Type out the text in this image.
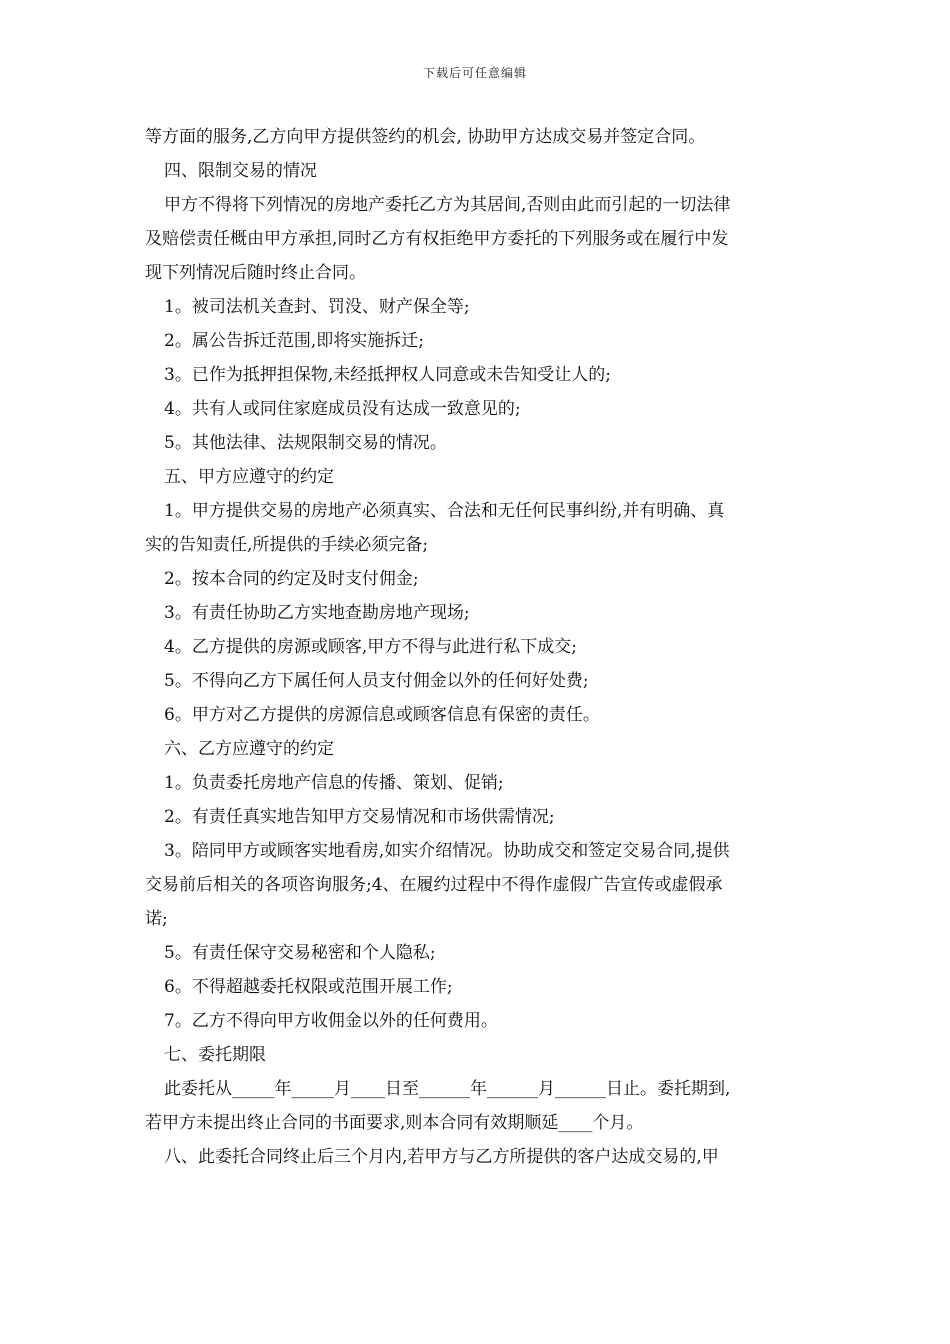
下载后可任意编辑
等方面的服务,乙方向甲方提供签约的机会, 协助甲方达成交易并签定合同。
四、限制交易的情况
甲方不得将下列情况的房地产委托乙方为其居间,否则由此而引起的一切法律
及赔偿责任概由甲方承担,同时乙方有权拒绝甲方委托的下列服务或在履行中发
现下列情况后随时终止合同。
1。被司法机关查封、罚没、财产保全等;
2。属公告拆迁范围,即将实施拆迁;
3。已作为抵押担保物,未经抵押权人同意或未告知受让人的;
4。共有人或同住家庭成员没有达成一致意见的;
5。其他法律、法规限制交易的情况。
五、甲方应遵守的约定
1。甲方提供交易的房地产必须真实、合法和无任何民事纠纷,并有明确、真
实的告知责任,所提供的手续必须完备;
2。按本合同的约定及时支付佣金;
3。有责任协助乙方实地查勘房地产现场;
4。乙方提供的房源或顾客,甲方不得与此进行私下成交;
5。不得向乙方下属任何人员支付佣金以外的任何好处费;
6。甲方对乙方提供的房源信息或顾客信息有保密的责任。
六、乙方应遵守的约定
1。负责委托房地产信息的传播、策划、促销;
2。有责任真实地告知甲方交易情况和市场供需情况;
3。陪同甲方或顾客实地看房,如实介绍情况。协助成交和签定交易合同,提供
交易前后相关的各项咨询服务;4、在履约过程中不得作虚假广告宣传或虚假承
诺;
5。有责任保守交易秘密和个人隐私;
6。不得超越委托权限或范围开展工作;
7。乙方不得向甲方收佣金以外的任何费用。
七、委托期限
此委托从_____年_____月____日至______年______月______日止。委托期到,
若甲方未提出终止合同的书面要求,则本合同有效期顺延____个月。
八、此委托合同终止后三个月内,若甲方与乙方所提供的客户达成交易的,甲
